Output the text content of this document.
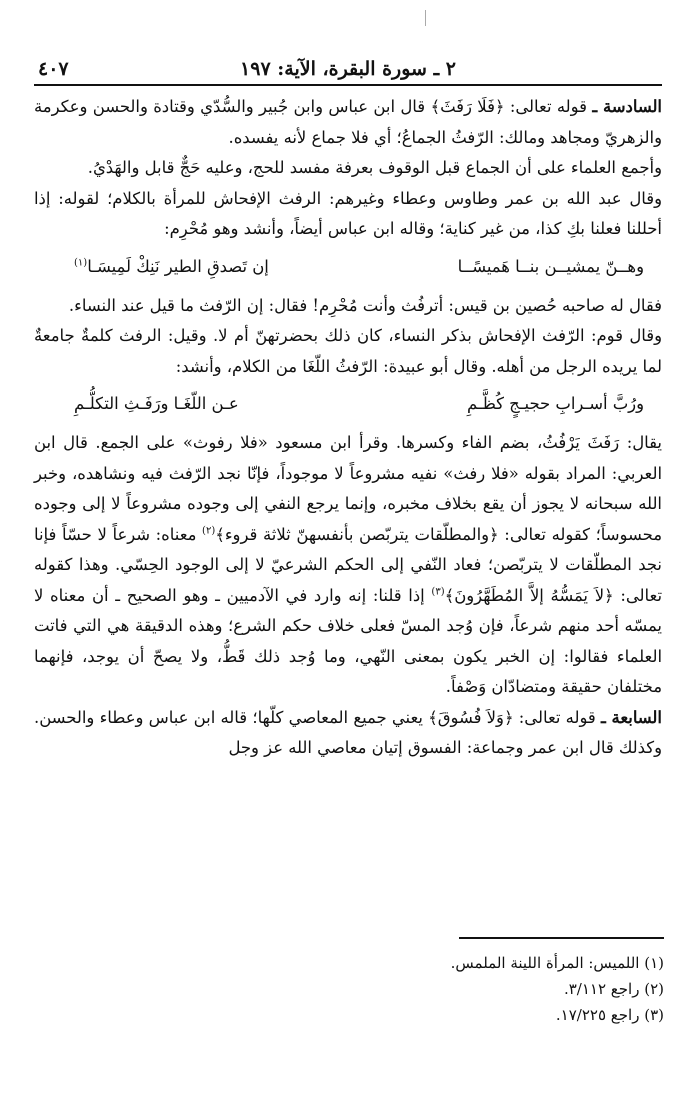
٢ ـ سورة البقرة، الآية: ١٩٧
٤٠٧

السادسة ـ قوله تعالى: ﴿فَلَا رَفَثَ﴾ قال ابن عباس وابن جُبير والسُّدّي وقتادة والحسن وعكرمة والزهريّ ومجاهد ومالك: الرّفثُ الجماعُ؛ أي فلا جماع لأنه يفسده.

وأجمع العلماء على أن الجماع قبل الوقوف بعرفة مفسد للحج، وعليه حَجٌّ قابل والهَدْيُ.

وقال عبد الله بن عمر وطاوس وعطاء وغيرهم: الرفث الإفحاش للمرأة بالكلام؛ لقوله: إذا أحللنا فعلنا بكِ كذا، من غير كناية؛ وقاله ابن عباس أيضاً، وأنشد وهو مُحْرِم:

وهــنّ يمشيــن بنــا هَميسًــا
إن تَصدقِ الطير نَنِكْ لَمِيسَـا$^{(١)}$

فقال له صاحبه حُصين بن قيس: أترفُث وأنت مُحْرِم! فقال: إن الرّفث ما قيل عند النساء.

وقال قوم: الرّفث الإفحاش بذكر النساء، كان ذلك بحضرتهنّ أم لا. وقيل: الرفث كلمةٌ جامعةٌ لما يريده الرجل من أهله. وقال أبو عبيدة: الرّفثُ اللّغَا من الكلام، وأنشد:

ورُبَّ أسـرابِ حجيـجٍ كُظَّـمِ
عـن اللّغَـا ورَفَـثِ التكلُّـمِ

يقال: رَفَثَ يَرْفُثُ، بضم الفاء وكسرها. وقرأ ابن مسعود «فلا رفوث» على الجمع. قال ابن العربي: المراد بقوله «فلا رفث» نفيه مشروعاً لا موجوداً، فإنّا نجد الرّفث فيه ونشاهده، وخبر الله سبحانه لا يجوز أن يقع بخلاف مخبره، وإنما يرجع النفي إلى وجوده مشروعاً لا إلى وجوده محسوساً؛ كقوله تعالى: ﴿والمطلّقات يتربّصن بأنفسهنّ ثلاثة قروء﴾$^{(٢)}$ معناه: شرعاً لا حسّاً فإنا نجد المطلّقات لا يتربّصن؛ فعاد النّفي إلى الحكم الشرعيّ لا إلى الوجود الحِسّي. وهذا كقوله تعالى: ﴿لاَ يَمَسُّهُ إلاَّ المُطَهَّرُونَ﴾$^{(٣)}$ إذا قلنا: إنه وارد في الآدميين ـ وهو الصحيح ـ أن معناه لا يمسّه أحد منهم شرعاً، فإن وُجد المسّ فعلى خلاف حكم الشرع؛ وهذه الدقيقة هي التي فاتت العلماء فقالوا: إن الخبر يكون بمعنى النّهي، وما وُجد ذلك قَطُّ، ولا يصحّ أن يوجد، فإنهما مختلفان حقيقة ومتضادّان وَصْفاً.

السابعة ـ قوله تعالى: ﴿وَلاَ فُسُوقَ﴾ يعني جميع المعاصي كلّها؛ قاله ابن عباس وعطاء والحسن. وكذلك قال ابن عمر وجماعة: الفسوق إتيان معاصي الله عز وجل

(١) اللميس: المرأة اللينة الملمس.
(٢) راجع ٣/١١٢.
(٣) راجع ١٧/٢٢٥.
